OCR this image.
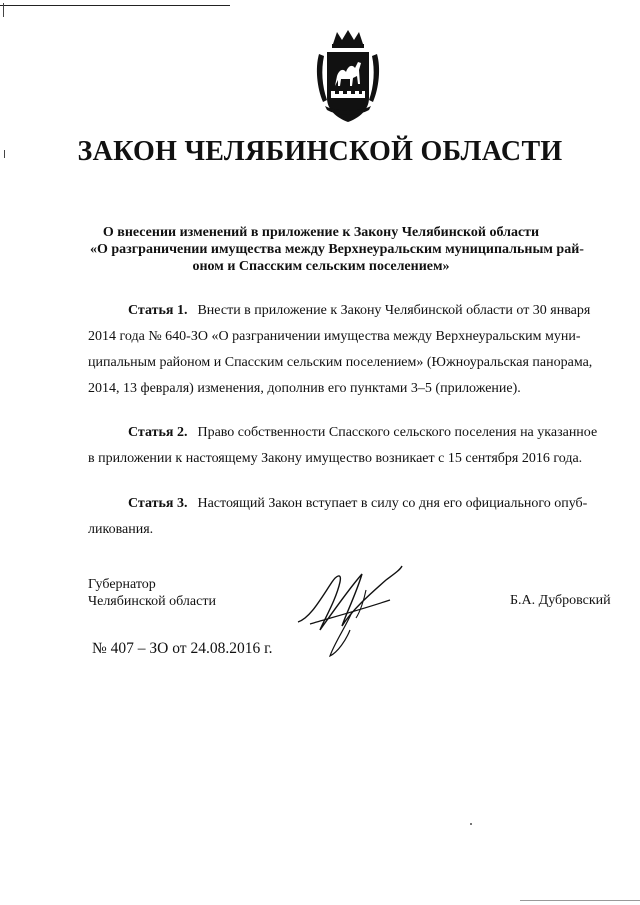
ЗАКОН ЧЕЛЯБИНСКОЙ ОБЛАСТИ
О внесении изменений в приложение к Закону Челябинской области
«О разграничении имущества между Верхнеуральским муниципальным рай-
оном и Спасским сельским поселением»
Статья 1. Внести в приложение к Закону Челябинской области от 30 января
2014 года № 640-ЗО «О разграничении имущества между Верхнеуральским муни-
ципальным районом и Спасским сельским поселением» (Южноуральская панорама,
2014, 13 февраля) изменения, дополнив его пунктами 3–5 (приложение).
Статья 2. Право собственности Спасского сельского поселения на указанное
в приложении к настоящему Закону имущество возникает с 15 сентября 2016 года.
Статья 3. Настоящий Закон вступает в силу со дня его официального опуб-
ликования.
Губернатор
Челябинской области	Б.А. Дубровский
№ 407 – ЗО от 24.08.2016 г.
